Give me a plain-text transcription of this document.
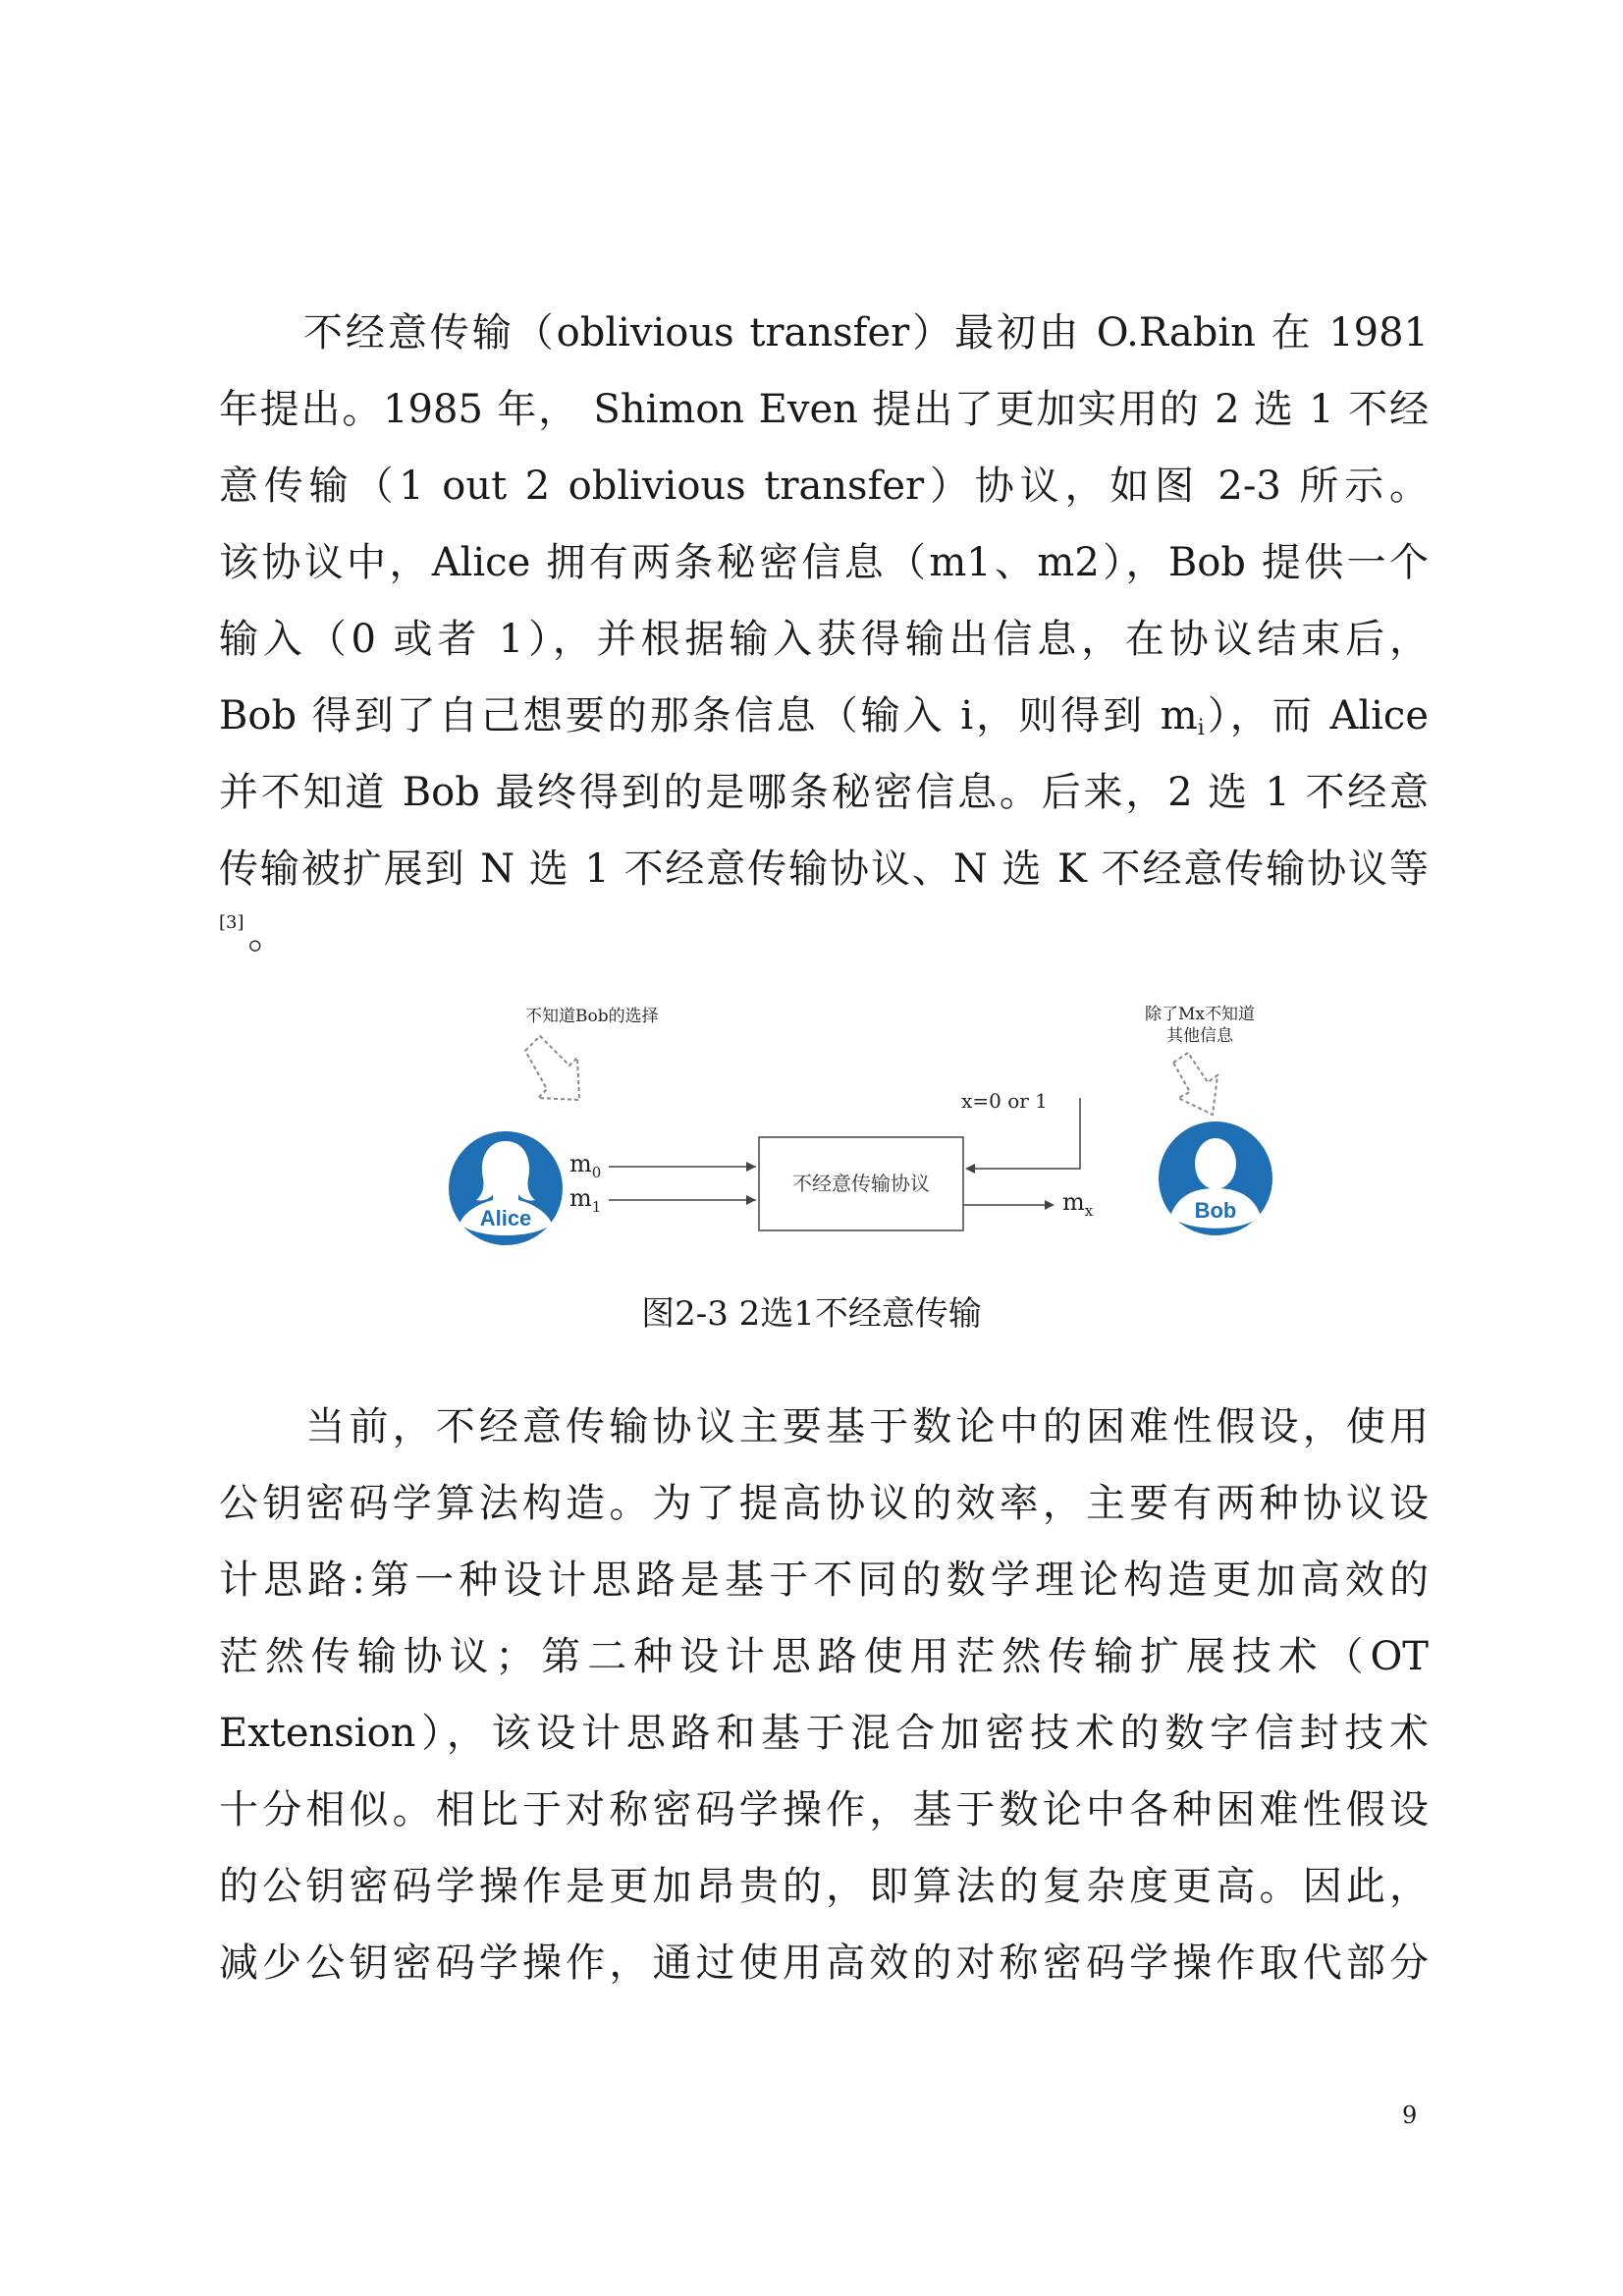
　　不经意传输（oblivious transfer）最初由 O.Rabin 在 1981
年提出。1985 年， Shimon Even 提出了更加实用的 2 选 1 不经
意传输（1 out 2 oblivious transfer）协议，如图 2-3 所示。
该协议中，Alice 拥有两条秘密信息（m1、m2），Bob 提供一个
输入（0 或者 1），并根据输入获得输出信息，在协议结束后，
Bob 得到了自己想要的那条信息（输入 i，则得到 $m_i$），而 Alice
并不知道 Bob 最终得到的是哪条秘密信息。后来，2 选 1 不经意
传输被扩展到 N 选 1 不经意传输协议、N 选 K 不经意传输协议等
[3] 。
不知道Bob的选择
Alice
$m_0$
$m_1$
不经意传输协议
x=0 or 1
$m_x$
除了Mx不知道
其他信息
Bob
图2-3 2选1不经意传输
　　当前，不经意传输协议主要基于数论中的困难性假设，使用
公钥密码学算法构造。为了提高协议的效率，主要有两种协议设
计思路:第一种设计思路是基于不同的数学理论构造更加高效的
茫然传输协议；第二种设计思路使用茫然传输扩展技术（OT
Extension），该设计思路和基于混合加密技术的数字信封技术
十分相似。相比于对称密码学操作，基于数论中各种困难性假设
的公钥密码学操作是更加昂贵的，即算法的复杂度更高。因此，
减少公钥密码学操作，通过使用高效的对称密码学操作取代部分
9
